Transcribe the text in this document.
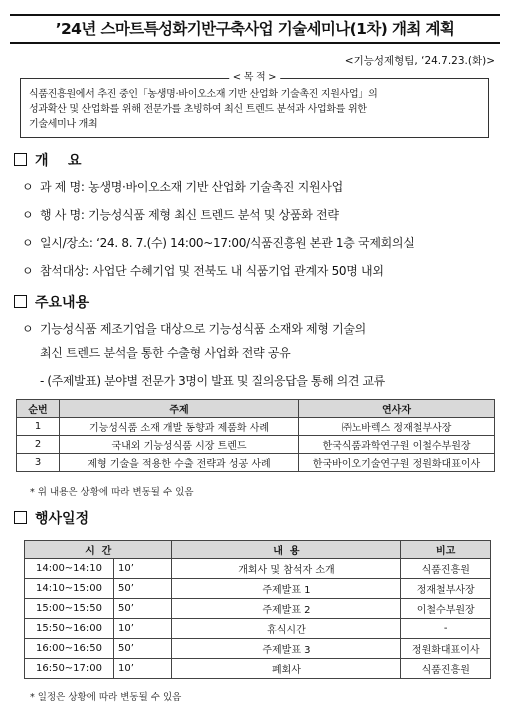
’24년 스마트특성화기반구축사업 기술세미나(1차) 개최 계획
<기능성제형팀, ‘24.7.23.(화)>
< 목 적 >
식품진흥원에서 추진 중인「농생명·바이오소재 기반 산업화 기술촉진 지원사업」의
성과확산 및 산업화를 위해 전문가를 초빙하여 최신 트렌드 분석과 사업화를 위한
기술세미나 개최
개    요
ㅇ 과 제 명: 농생명·바이오소재 기반 산업화 기술촉진 지원사업
ㅇ 행 사 명: 기능성식품 제형 최신 트렌드 분석 및 상품화 전략
ㅇ 일시/장소: ‘24. 8. 7.(수) 14:00~17:00/식품진흥원 본관 1층 국제회의실
ㅇ 참석대상: 사업단 수혜기업 및 전북도 내 식품기업 관계자 50명 내외
주요내용
ㅇ 기능성식품 제조기업을 대상으로 기능성식품 소재와 제형 기술의
최신 트렌드 분석을 통한 수출형 사업화 전략 공유
- (주제발표) 분야별 전문가 3명이 발표 및 질의응답을 통해 의견 교류
순번	주제	연사자
1	기능성식품 소재 개발 동향과 제품화 사례	㈜노바렉스 정재철부사장
2	국내외 기능성식품 시장 트렌드	한국식품과학연구원 이철수부원장
3	제형 기술을 적용한 수출 전략과 성공 사례	한국바이오기술연구원 정원화대표이사
* 위 내용은 상황에 따라 변동될 수 있음
행사일정
시  간		내  용	비고
14:00~14:10	10’	개회사 및 참석자 소개	식품진흥원
14:10~15:00	50’	주제발표 1	정재철부사장
15:00~15:50	50’	주제발표 2	이철수부원장
15:50~16:00	10’	휴식시간	-
16:00~16:50	50’	주제발표 3	정원화대표이사
16:50~17:00	10’	폐회사	식품진흥원
* 일정은 상황에 따라 변동될 수 있음
